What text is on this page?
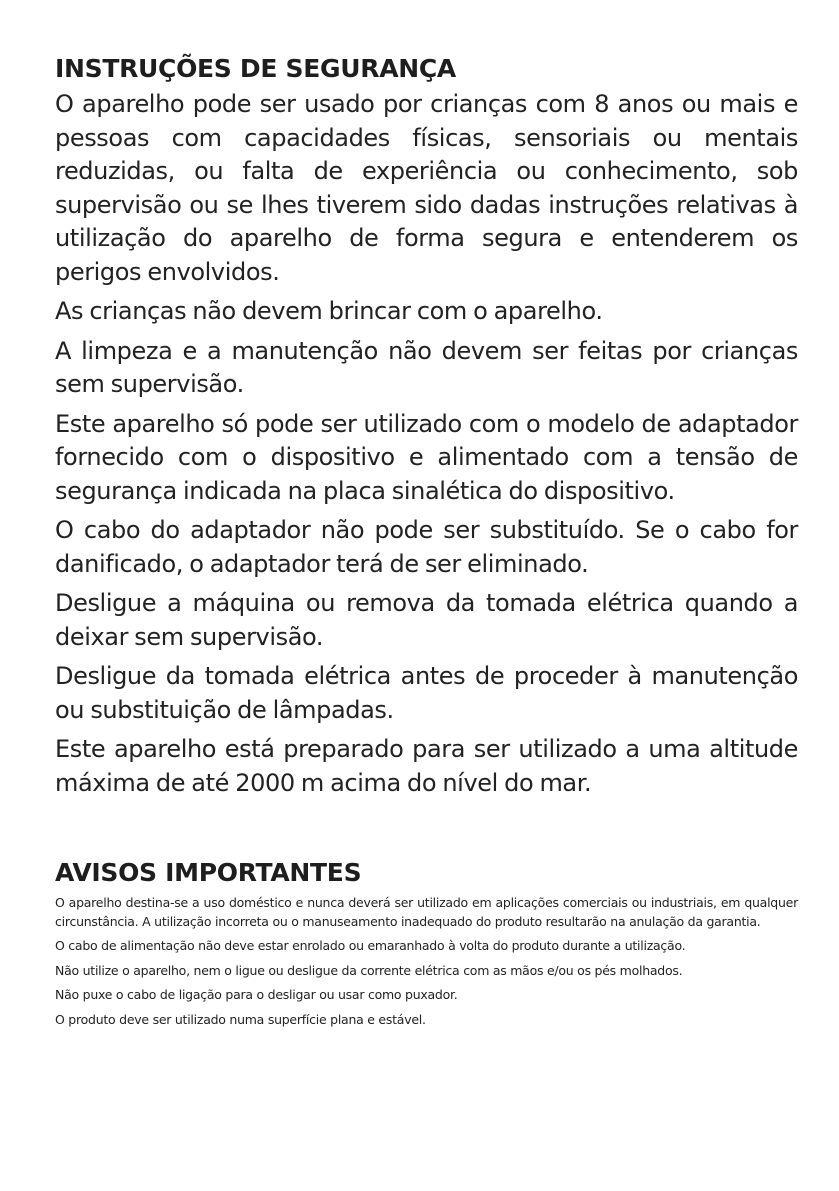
INSTRUÇÕES DE SEGURANÇA

O aparelho pode ser usado por crianças com 8 anos ou mais e pessoas com capacidades físicas, sensoriais ou mentais reduzidas, ou falta de experiência ou conhecimento, sob supervisão ou se lhes tiverem sido dadas instruções relativas à utilização do aparelho de forma segura e entenderem os perigos envolvidos.

As crianças não devem brincar com o aparelho.

A limpeza e a manutenção não devem ser feitas por crianças sem supervisão.

Este aparelho só pode ser utilizado com o modelo de adaptador fornecido com o dispositivo e alimentado com a tensão de segurança indicada na placa sinalética do dispositivo.

O cabo do adaptador não pode ser substituído. Se o cabo for danificado, o adaptador terá de ser eliminado.

Desligue a máquina ou remova da tomada elétrica quando a deixar sem supervisão.

Desligue da tomada elétrica antes de proceder à manutenção ou substituição de lâmpadas.

Este aparelho está preparado para ser utilizado a uma altitude máxima de até 2000 m acima do nível do mar.

AVISOS IMPORTANTES

O aparelho destina-se a uso doméstico e nunca deverá ser utilizado em aplicações comerciais ou industriais, em qualquer circunstância. A utilização incorreta ou o manuseamento inadequado do produto resultarão na anulação da garantia.

O cabo de alimentação não deve estar enrolado ou emaranhado à volta do produto durante a utilização.

Não utilize o aparelho, nem o ligue ou desligue da corrente elétrica com as mãos e/ou os pés molhados.

Não puxe o cabo de ligação para o desligar ou usar como puxador.

O produto deve ser utilizado numa superfície plana e estável.
